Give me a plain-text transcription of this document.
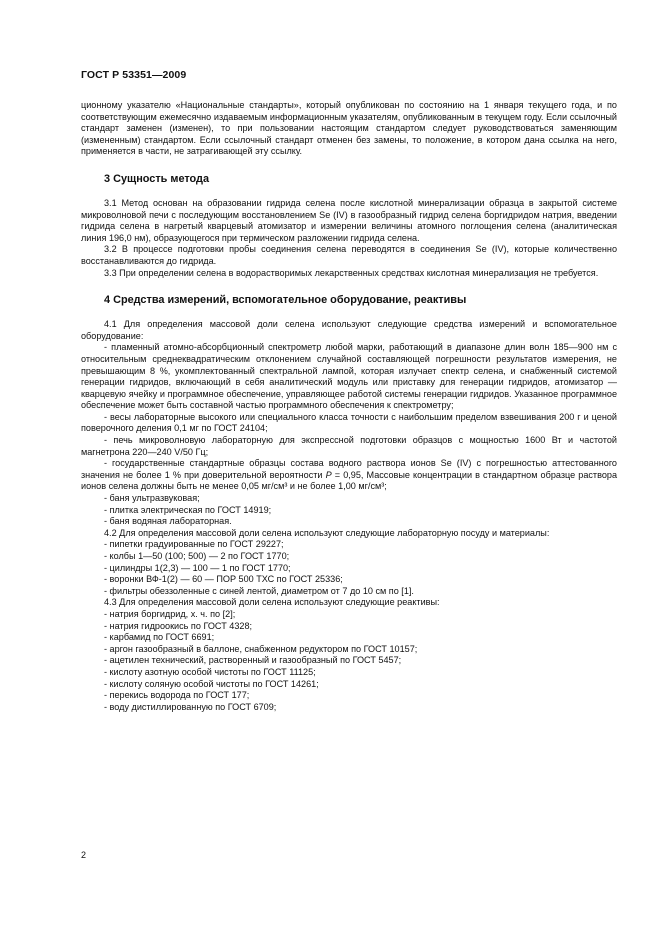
ГОСТ Р 53351—2009

ционному указателю «Национальные стандарты», который опубликован по состоянию на 1 января текущего года, и по соответствующим ежемесячно издаваемым информационным указателям, опубликованным в текущем году. Если ссылочный стандарт заменен (изменен), то при пользовании настоящим стандартом следует руководствоваться заменяющим (измененным) стандартом. Если ссылочный стандарт отменен без замены, то положение, в котором дана ссылка на него, применяется в части, не затрагивающей эту ссылку.

3 Сущность метода

3.1 Метод основан на образовании гидрида селена после кислотной минерализации образца в закрытой системе микроволновой печи с последующим восстановлением Se (IV) в газообразный гидрид селена боргидридом натрия, введении гидрида селена в нагретый кварцевый атомизатор и измерении величины атомного поглощения селена (аналитическая линия 196,0 нм), образующегося при термическом разложении гидрида селена.

3.2 В процессе подготовки пробы соединения селена переводятся в соединения Se (IV), которые количественно восстанавливаются до гидрида.

3.3 При определении селена в водорастворимых лекарственных средствах кислотная минерализация не требуется.

4 Средства измерений, вспомогательное оборудование, реактивы

4.1 Для определения массовой доли селена используют следующие средства измерений и вспомогательное оборудование:

- пламенный атомно-абсорбционный спектрометр любой марки, работающий в диапазоне длин волн 185—900 нм с относительным среднеквадратическим отклонением случайной составляющей погрешности результатов измерения, не превышающим 8 %, укомплектованный спектральной лампой, которая излучает спектр селена, и снабженный системой генерации гидридов, включающий в себя аналитический модуль или приставку для генерации гидридов, атомизатор — кварцевую ячейку и программное обеспечение, управляющее работой системы генерации гидридов. Указанное программное обеспечение может быть составной частью программного обеспечения к спектрометру;

- весы лабораторные высокого или специального класса точности с наибольшим пределом взвешивания 200 г и ценой поверочного деления 0,1 мг по ГОСТ 24104;

- печь микроволновую лабораторную для экспрессной подготовки образцов с мощностью 1600 Вт и частотой магнетрона 220—240 V/50 Гц;

- государственные стандартные образцы состава водного раствора ионов Se (IV) с погрешностью аттестованного значения не более 1 % при доверительной вероятности P = 0,95, Массовые концентрации в стандартном образце раствора ионов селена должны быть не менее 0,05 мг/см³ и не более 1,00 мг/см³;

- баня ультразвуковая;

- плитка электрическая по ГОСТ 14919;

- баня водяная лабораторная.

4.2 Для определения массовой доли селена используют следующие лабораторную посуду и материалы:

- пипетки градуированные по ГОСТ 29227;

- колбы 1—50 (100; 500) — 2 по ГОСТ 1770;

- цилиндры 1(2,3) — 100 — 1 по ГОСТ 1770;

- воронки ВФ-1(2) — 60 — ПОР 500 ТХС по ГОСТ 25336;

- фильтры обеззоленные с синей лентой, диаметром от 7 до 10 см по [1].

4.3 Для определения массовой доли селена используют следующие реактивы:

- натрия боргидрид, х. ч. по [2];

- натрия гидроокись по ГОСТ 4328;

- карбамид по ГОСТ 6691;

- аргон газообразный в баллоне, снабженном редуктором по ГОСТ 10157;

- ацетилен технический, растворенный и газообразный по ГОСТ 5457;

- кислоту азотную особой чистоты по ГОСТ 11125;

- кислоту соляную особой чистоты по ГОСТ 14261;

- перекись водорода по ГОСТ 177;

- воду дистиллированную по ГОСТ 6709;

2
